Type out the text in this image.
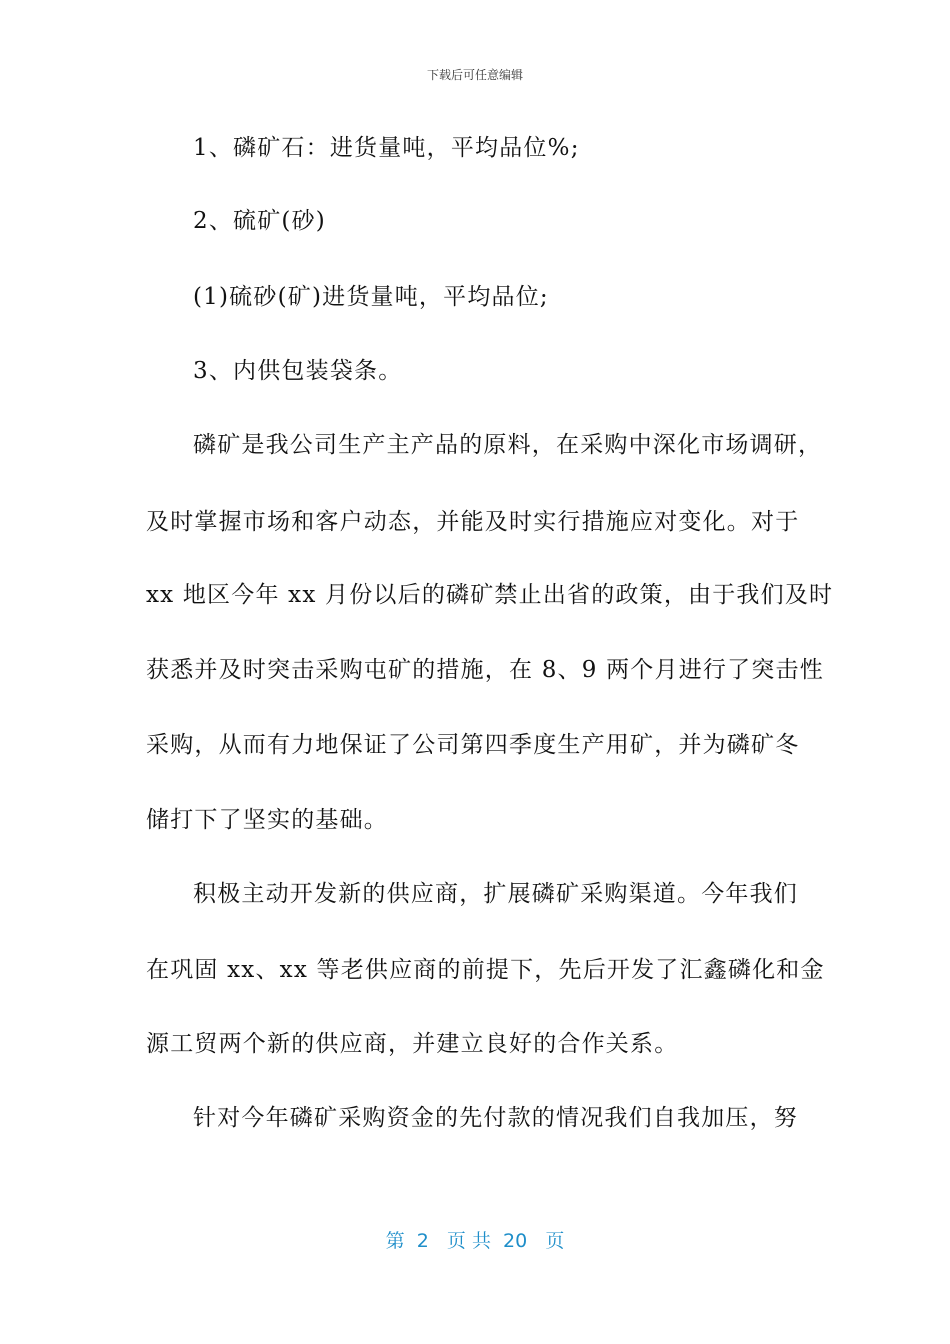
下载后可任意编辑
1、磷矿石：进货量吨，平均品位%;
2、硫矿(砂)
(1)硫砂(矿)进货量吨，平均品位;
3、内供包装袋条。
磷矿是我公司生产主产品的原料，在采购中深化市场调研，
及时掌握市场和客户动态，并能及时实行措施应对变化。对于
xx 地区今年 xx 月份以后的磷矿禁止出省的政策，由于我们及时
获悉并及时突击采购屯矿的措施，在 8、9 两个月进行了突击性
采购，从而有力地保证了公司第四季度生产用矿，并为磷矿冬
储打下了坚实的基础。
积极主动开发新的供应商，扩展磷矿采购渠道。今年我们
在巩固 xx、xx 等老供应商的前提下，先后开发了汇鑫磷化和金
源工贸两个新的供应商，并建立良好的合作关系。
针对今年磷矿采购资金的先付款的情况我们自我加压，努
第  2   页 共  20   页
